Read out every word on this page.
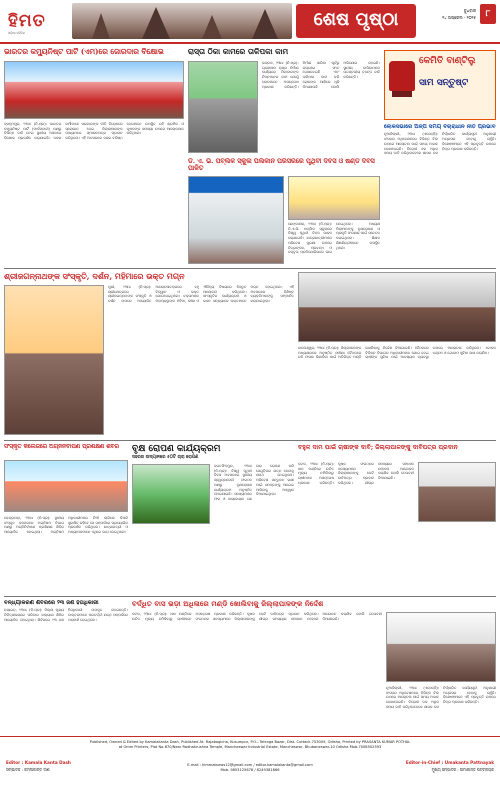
ହିମତ
ଓଡ଼ିଆ ଦୈନିକ
ଶେଷ ପୃଷ୍ଠା	ବୁଧବାର
୨୪ ଅପ୍ରେଲ - ୨୦୨୫	୮
ଭାରତର କମ୍ୟୁନିଷ୍ଟ ପାର୍ଟି (ଏମ)ରେ ଜୋରଦାର ବିକ୍ଷୋଭ
ବ୍ରହ୍ମପୁର, ୨୩ା୪ (ନି.ପ୍ର): ଭାରତର କମ୍ୟୁନିଷ୍ଟ ପାର୍ଟି (ମାର୍କସବାଦୀ) ପକ୍ଷରୁ ବିଭିନ୍ନ ଦାବି ନେଇ ସ୍ଥାନୀୟ ଅଞ୍ଚଳରେ ବିକ୍ଷୋଭ ପ୍ରଦର୍ଶନ କରାଯାଇଛି। ଦଳର କର୍ମୀମାନେ ସରକାରଙ୍କ ନୀତି ବିରୋଧରେ ସ୍ଲୋଗାନ ଦେଇ ଜିଲ୍ଲାପାଳଙ୍କ ମାଧ୍ୟମରେ ସ୍ମାରକପତ୍ର ପ୍ରଦାନ କରିଥିଲେ। ଏହି ଅବସରରେ ଦଳର ବରିଷ୍ଠ ନେତାମାନେ ଉପସ୍ଥିତ ରହି ଶ୍ରମିକ ଓ କୃଷକଙ୍କ ସମସ୍ୟା ଉପରେ ଆଲୋକପାତ କରିଥିଲେ।
ରାସ୍ତା ଠିକା କାମରେ ତାଳିପକା କାମ
ଭଦ୍ରକ, ୨୩ା୪ (ନି.ପ୍ର): ଗ୍ରାମାଞ୍ଚଳ ରାସ୍ତା ନିର୍ମାଣ କାର୍ଯ୍ୟରେ ଠିକାଦାରଙ୍କ ନିମ୍ନମାନର କାମ ଯୋଗୁଁ ଲୋକମାନେ ଅସନ୍ତୋଷ ପ୍ରକାଶ କରିଛନ୍ତି। ନିର୍ମାଣ ସାରିବା ପୂର୍ବରୁ ରାସ୍ତାରେ ଫାଟ ଦେଖାଦେଇଛି ଏବଂ ତାଳିପକା କାମ କରି ଲୋକଙ୍କ ଆଖିରେ ଧୂଳି ଦିଆଯାଉଛି ବୋଲି ଅଭିଯୋଗ ହୋଇଛି। ସ୍ଥାନୀୟ ବାସିନ୍ଦାମାନେ ଉଚ୍ଚସ୍ତରୀୟ ତଦନ୍ତ ଦାବି କରିଛନ୍ତି।
କେମିତି ବାଣ୍ଟିଲୁ
ସାମ ସନ୍ତୁଷ୍ଟ
ଲୋକସଭାରେ ଅଳ୍ପ ସମୟ ବିଚାରାଧୀନ ନୀତି ପ୍ରଭାବ
ନୂଆଦିଲ୍ଲୀ, ୨୩ା୪ (ଏଜେନ୍ସି): ସଂସଦର ଅଧିବେଶନରେ ବିଭିନ୍ନ ବିଲ ଉପରେ ଆଲୋଚନା ପାଇଁ ସମୟ ଅଭାବ ଦେଖାଦେଇଛି। ବିରୋଧୀ ଦଳ ଅଧିକ ସମୟ ଦାବି କରିଥିବାବେଳେ ଶାସକ ଦଳ ନିର୍ଦ୍ଧାରିତ କାର୍ଯ୍ୟସୂଚୀ ଅନୁଯାୟୀ ଅଗ୍ରସର ହେବାକୁ ଚାହୁଁଛି। ବିଶେଷଜ୍ଞମାନେ ଏହି ପ୍ରବୃତ୍ତି ଉପରେ ଚିନ୍ତା ପ୍ରକାଶ କରିଛନ୍ତି।
ଡି. ଏ. ଭି. ପବ୍ଲିକ ସ୍କୁଲ ପିଲିକାନ ପରିସରରେ ପୃଥିବୀ ଦିବସ ଓ ଷଣ୍ଡ ଦିବସ ପାଳିତ
ଢେଙ୍କାନାଳ, ୨୩ା୪ (ନି.ପ୍ର): ଡି.ଏ.ଭି. ପବ୍ଲିକ ସ୍କୁଲରେ ବିଶ୍ୱ ପୃଥିବୀ ଦିବସ ପାଳନ କରାଯାଇଛି। ଛାତ୍ରଛାତ୍ରୀମାନେ ପରିବେଶ ସୁରକ୍ଷା ଉପରେ ଚିତ୍ରାଙ୍କନ, ପ୍ରବନ୍ଧ ଓ ବକ୍ତୃତା ପ୍ରତିଯୋଗିତାରେ ଭାଗ ନେଇଥିଲେ। ଅଧ୍ୟକ୍ଷ ପିଲାମାନଙ୍କୁ ବୃକ୍ଷରୋପଣ ଓ ପ୍ରକୃତି ସଂରକ୍ଷଣ ପାଇଁ ସଚେତନ କରାଇଥିଲେ। ଶିକ୍ଷକ ଶିକ୍ଷୟିତ୍ରୀମାନେ ଉପସ୍ଥିତ ଥିଲେ।
ଶ୍ରୀଜଗନ୍ନାଥଙ୍କ ସଂସ୍କୃତି, ଦର୍ଶନ, ମହିମାରେ ଭକ୍ତ ମଗ୍ନ
ପୁରୀ, ୨୩ା୪ (ନି.ପ୍ର): ଶ୍ରୀକ୍ଷେତ୍ରରେ ଶ୍ରୀଜଗନ୍ନାଥଙ୍କ ସଂସ୍କୃତି ଓ ଦର୍ଶନ ଉପରେ ଆୟୋଜିତ ଆଲୋଚନାଚକ୍ରରେ ବହୁ ବିଦ୍ୱାନ ଓ ଭକ୍ତ ଯୋଗଦେଇଥିଲେ। ବକ୍ତାମାନେ ମହାପ୍ରଭୁଙ୍କ ମହିମା, ଲୀଳା ଓ ଐତିହ୍ୟ ବିଷୟରେ ବିସ୍ତୃତ ଆଲୋଚନା କରିଥିଲେ। ସାଂସ୍କୃତିକ କାର୍ଯ୍ୟକ୍ରମ ଓ ଭଜନ ସନ୍ଧ୍ୟାରେ ଭକ୍ତମାନେ ମଗ୍ନ ହୋଇଥିଲେ। ଏହି ଅବସରରେ ବିଶିଷ୍ଟ ବ୍ୟକ୍ତିମାନଙ୍କୁ ସମ୍ମାନିତ କରାଯାଇଥିଲା।
ବାଲେଶ୍ୱର, ୨୩ା୪ (ନି.ପ୍ର): ଜିଲ୍ଲାପାଳଙ୍କ ଅଧ୍ୟକ୍ଷତାରେ ଅନୁଷ୍ଠିତ ସମୀକ୍ଷା ବୈଠକରେ ରବି ଫସଲ କିଣାବିକା ପାଇଁ ଅତିରିକ୍ତ ମଣ୍ଡି ଖୋଲିବାକୁ ନିର୍ଦ୍ଦେଶ ଦିଆଯାଇଛି। ବୈଠକରେ ବିଭିନ୍ନ ବିଭାଗର ଅଧିକାରୀମାନେ ଯୋଗ ଦେଇ ଚାଷୀଙ୍କ ସୁବିଧା ପାଇଁ ଆବଶ୍ୟକ ବ୍ୟବସ୍ଥା ଉପରେ ଆଲୋଚନା କରିଥିଲେ। ଟୋକନ ବଣ୍ଟନ ଓ ଗୋଦାମ ସୁବିଧା ଯାଞ୍ଚ କରାଯିବ।
ସଂସ୍କୃତ କଲେଜରେ ଅଗ୍ନିନିର୍ବାପଣ ପ୍ରଶିକ୍ଷଣ ଶିବିର
କେନ୍ଦ୍ରାପଡ଼ା, ୨୩ା୪ (ନି.ପ୍ର): ସ୍ଥାନୀୟ ସଂସ୍କୃତ କଲେଜରେ ଅଗ୍ନିଶମ ବିଭାଗ ପକ୍ଷରୁ ଅଗ୍ନିନିର୍ବାପଣ ପ୍ରଶିକ୍ଷଣ ଶିବିର ଆୟୋଜିତ ହୋଇଥିଲା। ଅଗ୍ନିଶମ ଅଧିକାରୀମାନେ ନିଆଁ ଲାଗିଲେ କିପରି ସୁରକ୍ଷିତ ରହିବେ ସେ ସମ୍ପର୍କରେ ପ୍ରାୟୋଗିକ ପ୍ରଦର୍ଶନ କରିଥିଲେ। ଛାତ୍ରଛାତ୍ରୀ ଓ ଅଧ୍ୟାପକମାନେ ଏଥିରେ ଭାଗ ନେଇଥିଲେ।
ବୃକ୍ଷ ରୋପଣ କାର୍ଯ୍ୟକ୍ରମ
ସହରର ଉଦ୍ୟାନରେ ୫୦ଟି ଚାରା ରୋପଣ
ଜଗତସିଂହପୁର, ୨୩ା୪ (ନି.ପ୍ର): ବିଶ୍ୱ ପୃଥିବୀ ଦିବସ ଅବସରରେ ସ୍ଥାନୀୟ ସ୍ୱେଚ୍ଛାସେବୀ ସଂଗଠନ ପକ୍ଷରୁ ବୃକ୍ଷରୋପଣ କାର୍ଯ୍ୟକ୍ରମ ଅନୁଷ୍ଠିତ ହୋଇଯାଇଛି। ସଦସ୍ୟମାନେ ଫଳ ଓ ଛାୟାଦାୟକ ଗଛ ଚାରା ରୋପଣ କରି ସେଗୁଡ଼ିକର ଯତ୍ନ ନେବାକୁ ଶପଥ ନେଇଥିଲେ। ପରିବେଶ ସନ୍ତୁଳନ ରକ୍ଷା ପାଇଁ ସମସ୍ତଙ୍କୁ ଆଗେଇ ଆସିବାକୁ ଆହ୍ୱାନ ଦିଆଯାଇଥିଲା।
ବହୁଳ ଦାମ ପାଇଁ ଚାଷୀଙ୍କ ଦାବି; ଜିଲ୍ଲାପାଳଙ୍କୁ ଦାବିପତ୍ର ପ୍ରଦାନ
କଟକ, ୨୩ା୪ (ନି.ପ୍ର): ଧାନ ମଣ୍ଡିରେ ଉଚିତ ମୂଲ୍ୟ ନମିଳିବାରୁ ଚାଷୀମାନେ ଅସନ୍ତୋଷ ପ୍ରକାଶ କରିଛନ୍ତି। କୃଷକ ସଂଗଠନର ସଦସ୍ୟମାନେ ଜିଲ୍ଲାପାଳଙ୍କୁ ଭେଟି ଦାବିପତ୍ର ପ୍ରଦାନ କରିଥିଲେ। ଶୀଘ୍ର ସମସ୍ୟାର ସମାଧାନ ନହେଲେ ଆନ୍ଦୋଳନ କରାଯିବ ବୋଲି ଚେତାବନୀ ଦିଆଯାଇଛି।
ବନ୍ଧ୍ୟାକରଣ ଶିବିରରେ ୨୩ ଜଣ ହିତାଧିକାରୀ
ନୟାଗଡ଼, ୨୩ା୪ (ନି.ପ୍ର): ଜିଲ୍ଲା ମୁଖ୍ୟ ଚିକିତ୍ସାଳୟରେ ପରିବାର କଲ୍ୟାଣ ଶିବିର ଆୟୋଜିତ ହୋଇଥିଲା। ଶିବିରରେ ୨୩ ଜଣ ହିତାଧିକାରୀ ଉପକୃତ ହୋଇଛନ୍ତି। ଡାକ୍ତରମାନେ ପରବର୍ତ୍ତୀ ଯତ୍ନ ସମ୍ପର୍କରେ ପରାମର୍ଶ ଦେଇଥିଲେ।
ବର୍ଦ୍ଧିତ ବାସ ଭଡ଼ା ଅଧିଳାରେ ମଣ୍ଡି ଖୋଲିବାକୁ ଜିଲ୍ଲାପାଳଙ୍କ ନିର୍ଦ୍ଦେଶ
କଟକ, ୨୩ା୪ (ନି.ପ୍ର): ଧାନ ମଣ୍ଡିରେ ଉଚିତ ମୂଲ୍ୟ ନମିଳିବାରୁ ଚାଷୀମାନେ ଅସନ୍ତୋଷ ପ୍ରକାଶ କରିଛନ୍ତି। କୃଷକ ସଂଗଠନର ସଦସ୍ୟମାନେ ଜିଲ୍ଲାପାଳଙ୍କୁ ଭେଟି ଦାବିପତ୍ର ପ୍ରଦାନ କରିଥିଲେ। ଶୀଘ୍ର ସମସ୍ୟାର ସମାଧାନ ନହେଲେ ଆନ୍ଦୋଳନ କରାଯିବ ବୋଲି ଚେତାବନୀ ଦିଆଯାଇଛି।
ନୂଆଦିଲ୍ଲୀ, ୨୩ା୪ (ଏଜେନ୍ସି): ସଂସଦର ଅଧିବେଶନରେ ବିଭିନ୍ନ ବିଲ ଉପରେ ଆଲୋଚନା ପାଇଁ ସମୟ ଅଭାବ ଦେଖାଦେଇଛି। ବିରୋଧୀ ଦଳ ଅଧିକ ସମୟ ଦାବି କରିଥିବାବେଳେ ଶାସକ ଦଳ ନିର୍ଦ୍ଧାରିତ କାର୍ଯ୍ୟସୂଚୀ ଅନୁଯାୟୀ ଅଗ୍ରସର ହେବାକୁ ଚାହୁଁଛି। ବିଶେଷଜ୍ଞମାନେ ଏହି ପ୍ରବୃତ୍ତି ଉପରେ ଚିନ୍ତା ପ୍ରକାଶ କରିଛନ୍ତି।
Published, Owned & Edited by Kamalakanta Dash, Published At- Rajabagicha, Kusumpur, P.O.- Telenga Bazar, Dist- Cuttack-753009, Odisha, Printed by PRASANTA KUMAR POTHAL
at Omm Printers, Plot No-670/Near Radhakrushna Temple, Mancheswar Industrial Estate, Mancheswar, Bhubaneswar-10 Odisha Mob-7008502593
Editor : Kamala Kanta Dash
ସମ୍ପାଦକ : କମଳାକାନ୍ତ ଦାଶ
E-mail : himmatnews12@gmail.com / editor.kamalakanta@gmail.com
Mob. 9853125678 / 8249381866
Editor-in-Chief : Umakanta Pattnayak
ମୁଖ୍ୟ ସମ୍ପାଦକ : ଉମାକାନ୍ତ ପଟ୍ଟନାୟକ
